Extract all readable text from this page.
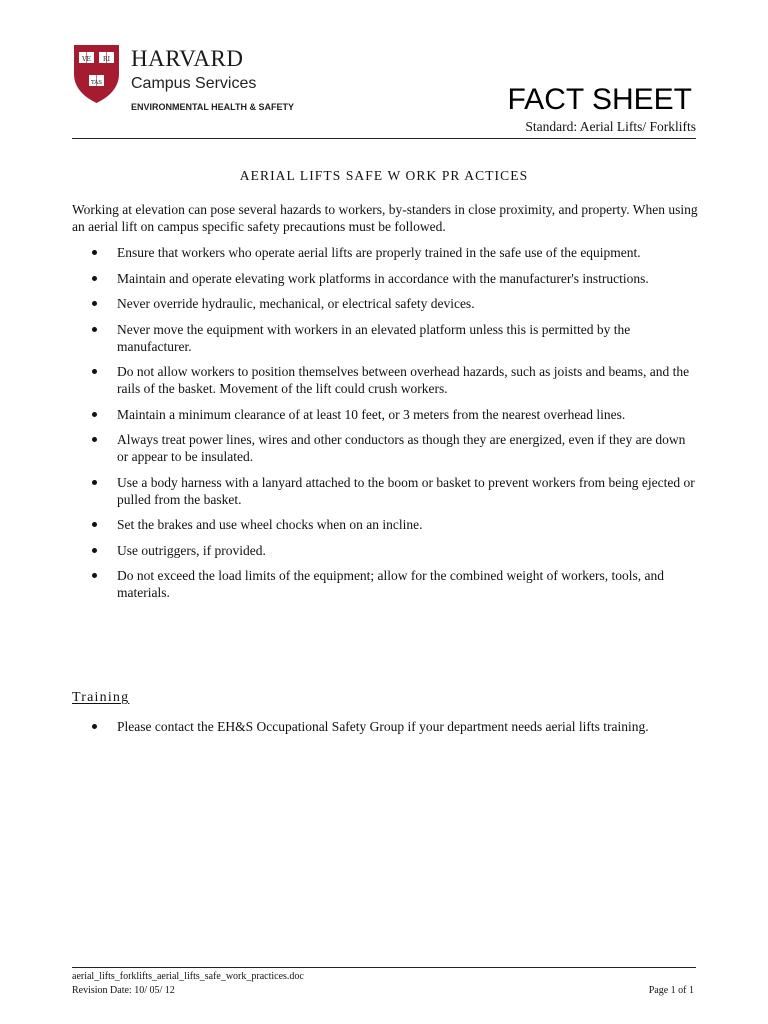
VE RI
TAS
HARVARD
Campus Services
ENVIRONMENTAL HEALTH & SAFETY	FACT SHEET
Standard: Aerial Lifts/ Forklifts
AERIAL LIFTS SAFE W ORK PR ACTICES

Working at elevation can pose several hazards to workers, by-standers in close proximity, and property. When using an aerial lift on campus specific safety precautions must be followed.

Ensure that workers who operate aerial lifts are properly trained in the safe use of the equipment.
Maintain and operate elevating work platforms in accordance with the manufacturer's instructions.
Never override hydraulic, mechanical, or electrical safety devices.
Never move the equipment with workers in an elevated platform unless this is permitted by the manufacturer.
Do not allow workers to position themselves between overhead hazards, such as joists and beams, and the rails of the basket. Movement of the lift could crush workers.
Maintain a minimum clearance of at least 10 feet, or 3 meters from the nearest overhead lines.
Always treat power lines, wires and other conductors as though they are energized, even if they are down or appear to be insulated.
Use a body harness with a lanyard attached to the boom or basket to prevent workers from being ejected or pulled from the basket.
Set the brakes and use wheel chocks when on an incline.
Use outriggers, if provided.
Do not exceed the load limits of the equipment; allow for the combined weight of workers, tools, and materials.
Training
Please contact the EH&S Occupational Safety Group if your department needs aerial lifts training.
aerial_lifts_forklifts_aerial_lifts_safe_work_practices.doc
Revision Date: 10/ 05/ 12	Page 1 of 1
